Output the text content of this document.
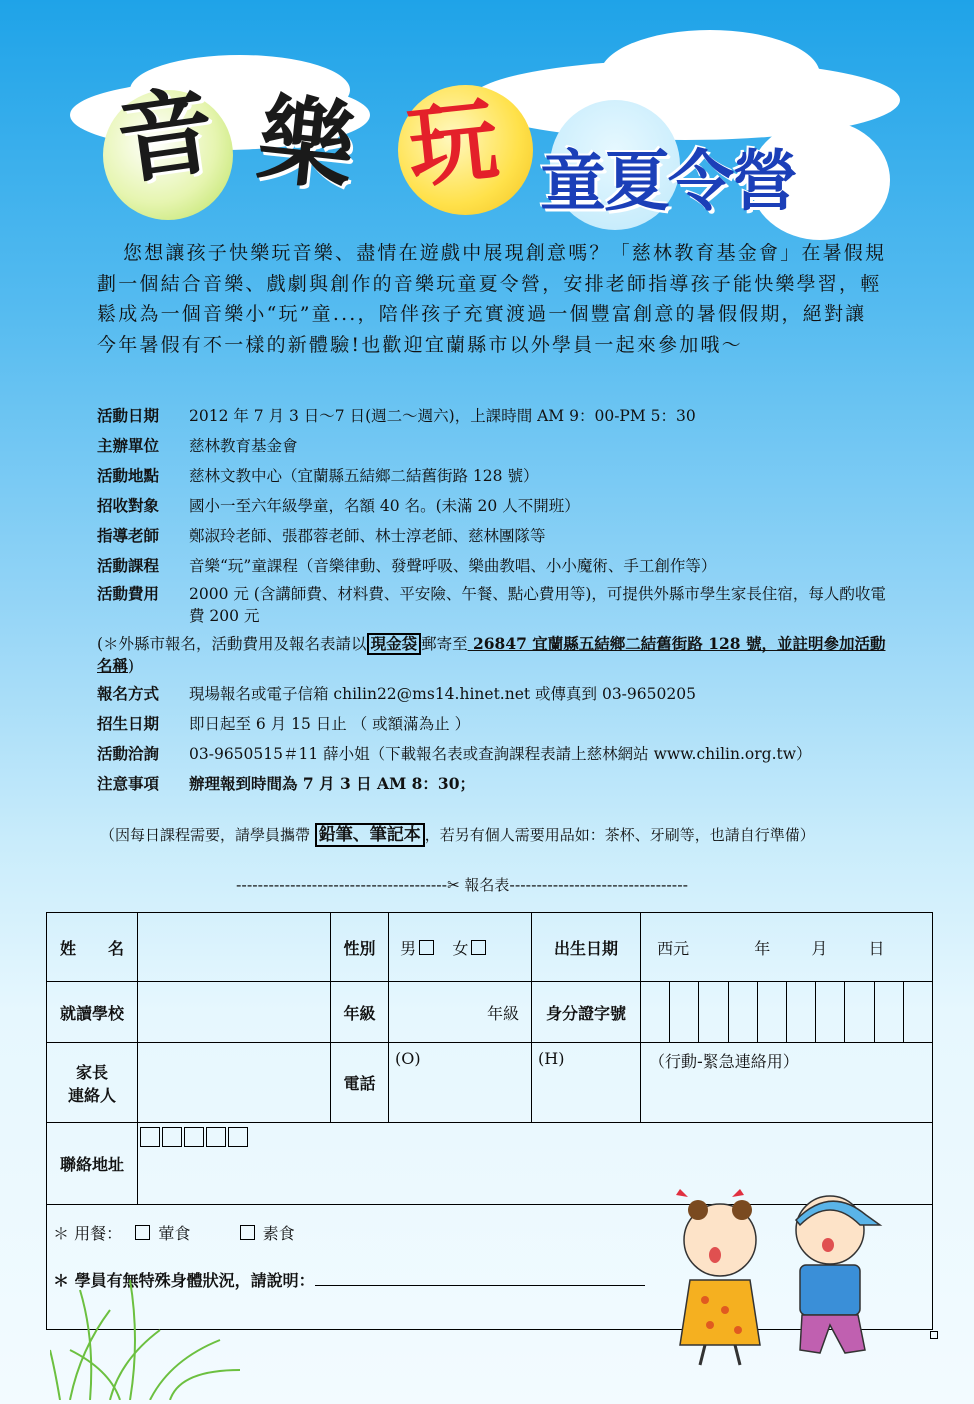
音 樂 玩 童夏令營
您想讓孩子快樂玩音樂、盡情在遊戲中展現創意嗎？「慈林教育基金會」在暑假規劃一個結合音樂、戲劇與創作的音樂玩童夏令營，安排老師指導孩子能快樂學習，輕鬆成為一個音樂小“玩”童...，陪伴孩子充實渡過一個豐富創意的暑假假期，絕對讓今年暑假有不一樣的新體驗!也歡迎宜蘭縣市以外學員一起來參加哦～
活動日期 2012 年 7 月 3 日～7 日(週二～週六)，上課時間 AM 9：00-PM 5：30
主辦單位 慈林教育基金會
活動地點 慈林文教中心（宜蘭縣五結鄉二結舊街路 128 號）
招收對象 國小一至六年級學童，名額 40 名。(未滿 20 人不開班）
指導老師 鄭淑玲老師、張郡蓉老師、林士淳老師、慈林團隊等
活動課程 音樂“玩”童課程（音樂律動、發聲呼吸、樂曲教唱、小小魔術、手工創作等）
活動費用	2000 元 (含講師費、材料費、平安險、午餐、點心費用等)，可提供外縣市學生家長住宿，每人酌收電費 200 元
(＊外縣市報名，活動費用及報名表請以 現金袋 郵寄至 26847 宜蘭縣五結鄉二結舊街路 128 號，並註明參加活動名稱)
報名方式 現場報名或電子信箱 chilin22@ms14.hinet.net 或傳真到 03-9650205
招生日期 即日起至 6 月 15 日止 （ 或額滿為止 ）
活動洽詢 03-9650515＃11 薛小姐（下載報名表或查詢課程表請上慈林網站 www.chilin.org.tw）
注意事項 辦理報到時間為 7 月 3 日 AM 8：30；
（因每日課程需要，請學員攜帶 鉛筆、筆記本 ，若另有個人需要用品如：茶杯、牙刷等，也請自行準備）
---------------------------------------✂ 報名表---------------------------------
姓　　名		性別	男 女	出生日期	西元 年 月 日
就讀學校		年級	年級	身分證字號	

家長
連絡人		電話	(O)	(H)	（行動-緊急連絡用）
聯絡地址					

＊ 用餐： 葷食 素食
＊ 學員有無特殊身體狀況，請說明：					
